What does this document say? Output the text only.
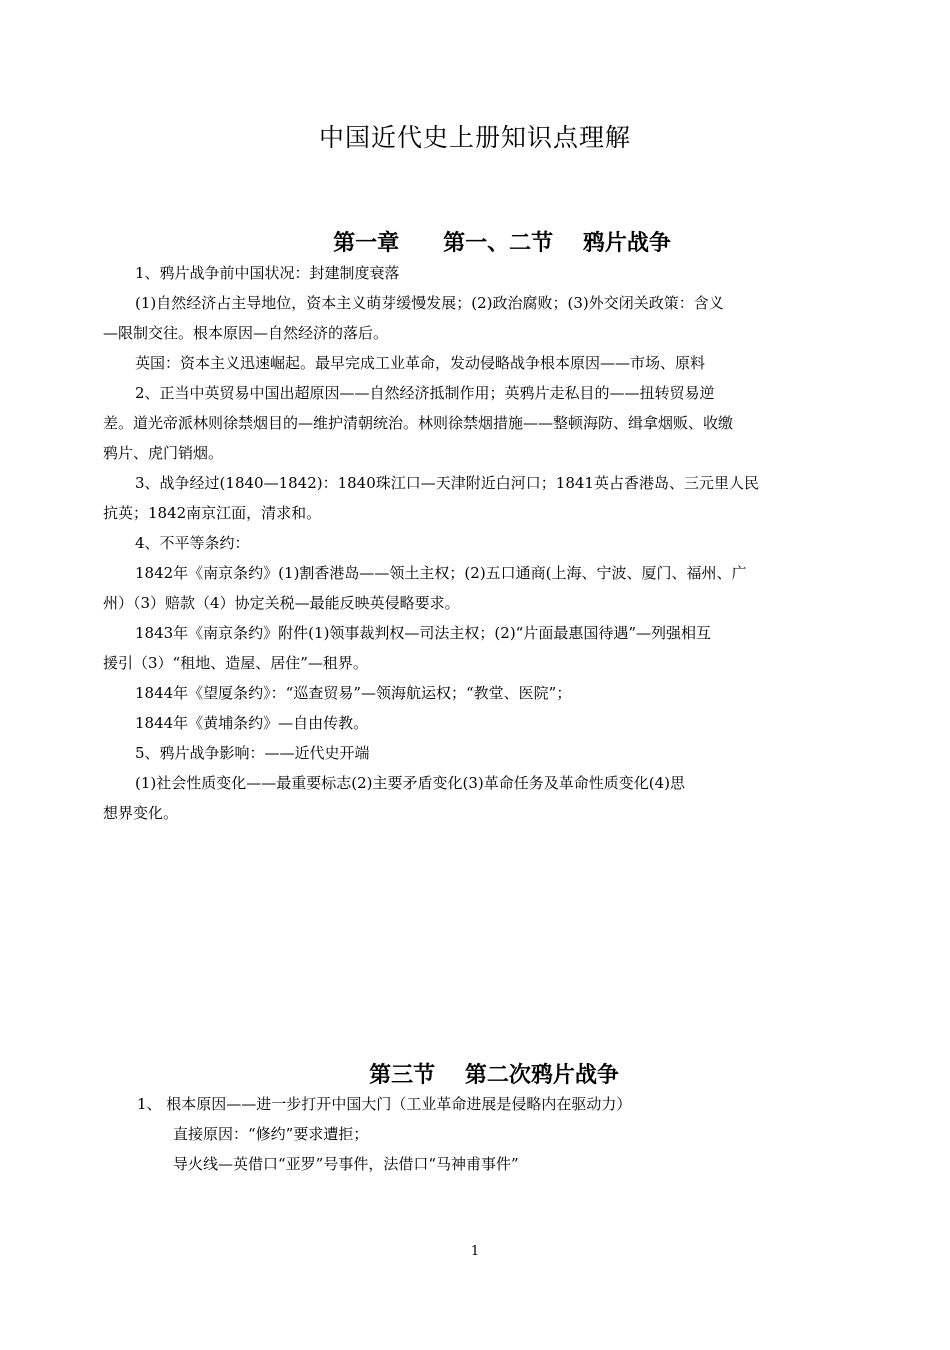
中国近代史上册知识点理解
第一章　　第一、二节　 鸦片战争
1、鸦片战争前中国状况：封建制度衰落
(1)自然经济占主导地位，资本主义萌芽缓慢发展；(2)政治腐败；(3)外交闭关政策：含义
—限制交往。根本原因—自然经济的落后。
英国：资本主义迅速崛起。最早完成工业革命，发动侵略战争根本原因——市场、原料
2、正当中英贸易中国出超原因——自然经济抵制作用；英鸦片走私目的——扭转贸易逆
差。道光帝派林则徐禁烟目的—维护清朝统治。林则徐禁烟措施——整顿海防、缉拿烟贩、收缴
鸦片、虎门销烟。
3、战争经过(1840—1842)：1840珠江口—天津附近白河口；1841英占香港岛、三元里人民
抗英；1842南京江面，清求和。
4、不平等条约：
1842年《南京条约》(1)割香港岛——领土主权；(2)五口通商(上海、宁波、厦门、福州、广
州）（3）赔款（4）协定关税—最能反映英侵略要求。
1843年《南京条约》附件(1)领事裁判权—司法主权；(2)“片面最惠国待遇”—列强相互
援引（3）“租地、造屋、居住”—租界。
1844年《望厦条约》：“巡查贸易”—领海航运权；“教堂、医院”；
1844年《黄埔条约》—自由传教。
5、鸦片战争影响：——近代史开端
(1)社会性质变化——最重要标志(2)主要矛盾变化(3)革命任务及革命性质变化(4)思
想界变化。
第三节　 第二次鸦片战争
1、 根本原因——进一步打开中国大门（工业革命进展是侵略内在驱动力）
直接原因：“修约”要求遭拒；
导火线—英借口“亚罗”号事件，法借口“马神甫事件”
1
